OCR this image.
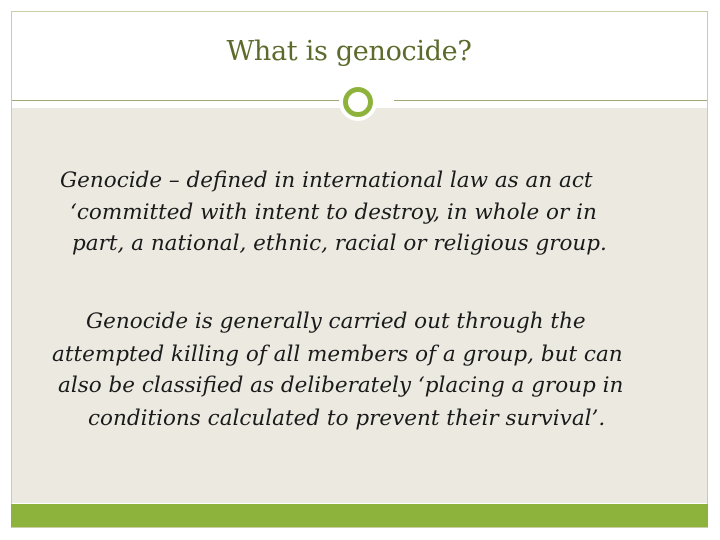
What is genocide?
Genocide – defined in international law as an act
‘committed with intent to destroy, in whole or in
part, a national, ethnic, racial or religious group.
Genocide is generally carried out through the
attempted killing of all members of a group, but can
also be classified as deliberately ‘placing a group in
conditions calculated to prevent their survival’.
